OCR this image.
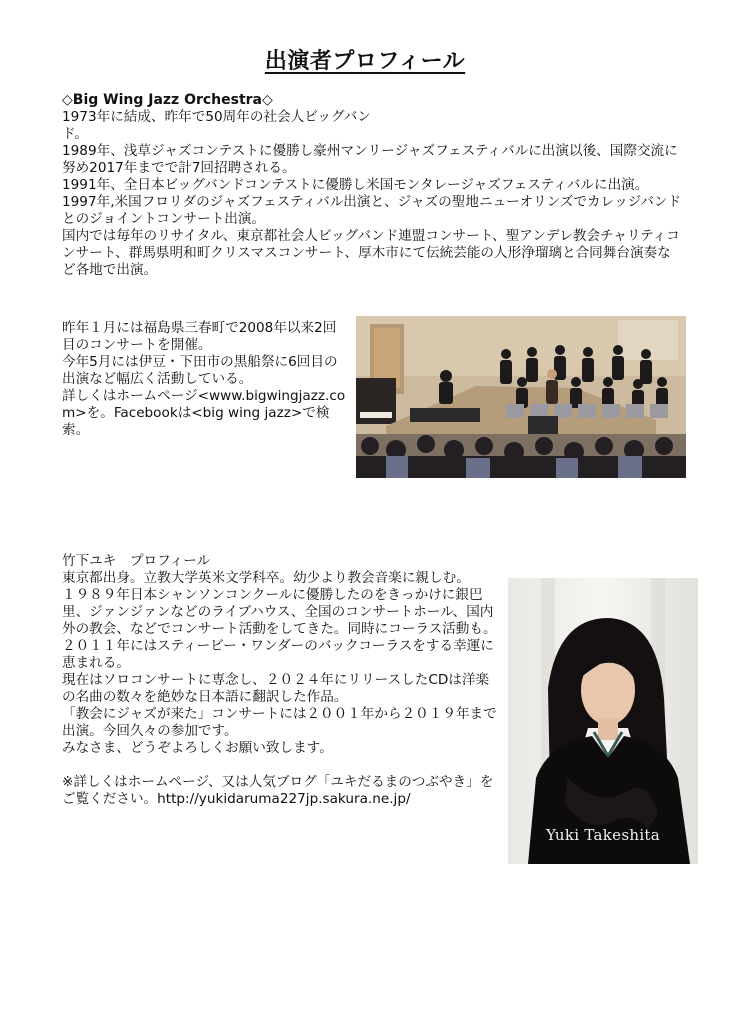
出演者プロフィール

◇Big Wing Jazz Orchestra◇

1973年に結成、昨年で50周年の社会人ビッグバンド。

1989年、浅草ジャズコンテストに優勝し豪州マンリージャズフェスティバルに出演以後、国際交流に努め2017年までで計7回招聘される。

1991年、全日本ビッグバンドコンテストに優勝し米国モンタレージャズフェスティバルに出演。

1997年,米国フロリダのジャズフェスティバル出演と、ジャズの聖地ニューオリンズでカレッジバンドとのジョイントコンサート出演。

国内では毎年のリサイタル、東京都社会人ビッグバンド連盟コンサート、聖アンデレ教会チャリティコンサート、群馬県明和町クリスマスコンサート、厚木市にて伝統芸能の人形浄瑠璃と合同舞台演奏など各地で出演。

昨年１月には福島県三春町で2008年以来2回目のコンサートを開催。

今年5月には伊豆・下田市の黒船祭に6回目の出演など幅広く活動している。

詳しくはホームページ<www.bigwingjazz.com>を。Facebookは<big wing jazz>で検索。

竹下ユキ　プロフィール

東京都出身。立教大学英米文学科卒。幼少より教会音楽に親しむ。

１９８９年日本シャンソンコンクールに優勝したのをきっかけに銀巴里、ジァンジァンなどのライブハウス、全国のコンサートホール、国内外の教会、などでコンサート活動をしてきた。同時にコーラス活動も。２０１１年にはスティービー・ワンダーのバックコーラスをする幸運に恵まれる。

現在はソロコンサートに専念し、２０２４年にリリースしたCDは洋楽の名曲の数々を絶妙な日本語に翻訳した作品。

「教会にジャズが来た」コンサートには２００１年から２０１９年まで出演。今回久々の参加です。

みなさま、どうぞよろしくお願い致します。

※詳しくはホームページ、又は人気ブログ「ユキだるまのつぶやき」をご覧ください。http://yukidaruma227jp.sakura.ne.jp/

Yuki Takeshita
